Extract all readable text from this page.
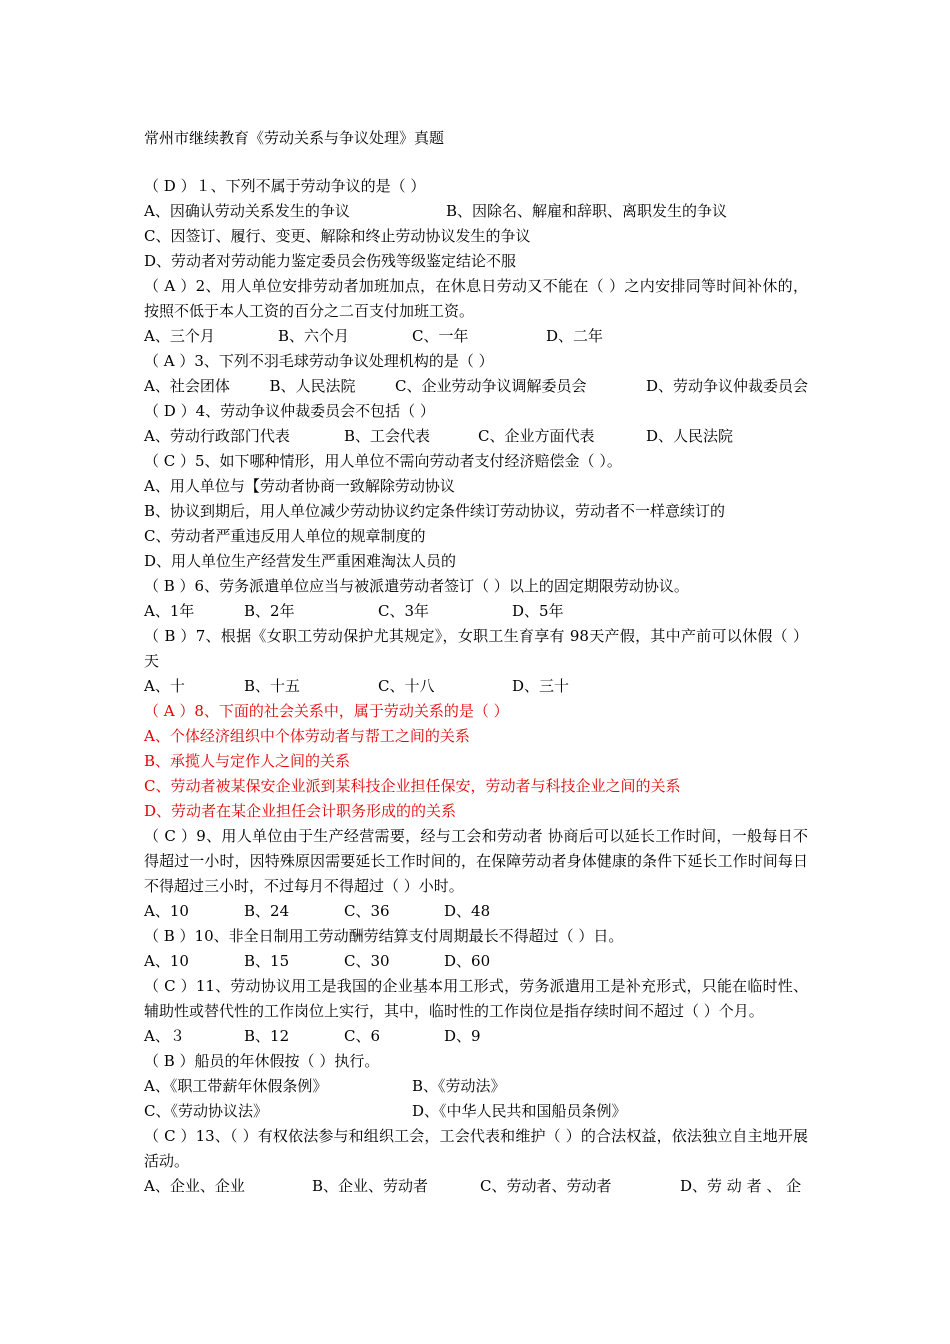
常州市继续教育《劳动关系与争议处理》真题
（ D ）１、下列不属于劳动争议的是（ ）
A、因确认劳动关系发生的争议	B、因除名、解雇和辞职、离职发生的争议
C、因签订、履行、变更、解除和终止劳动协议发生的争议
D、劳动者对劳动能力鉴定委员会伤残等级鉴定结论不服
（ A ）2、用人单位安排劳动者加班加点，在休息日劳动又不能在（ ）之内安排同等时间补休的，按照不低于本人工资的百分之二百支付加班工资。
A、三个月	B、六个月	C、一年	D、二年
（ A ）3、下列不羽毛球劳动争议处理机构的是（ ）
A、社会团体	B、人民法院	C、企业劳动争议调解委员会	D、劳动争议仲裁委员会
（ D ）4、劳动争议仲裁委员会不包括（ ）
A、劳动行政部门代表	B、工会代表	C、企业方面代表	D、人民法院
（ C ）5、如下哪种情形，用人单位不需向劳动者支付经济赔偿金（ ）。
A、用人单位与【劳动者协商一致解除劳动协议
B、协议到期后，用人单位减少劳动协议约定条件续订劳动协议，劳动者不一样意续订的
C、劳动者严重违反用人单位的规章制度的
D、用人单位生产经营发生严重困难淘汰人员的
（ B ）6、劳务派遣单位应当与被派遣劳动者签订（ ）以上的固定期限劳动协议。
A、1年	B、2年	C、3年	D、5年
（ B ）7、根据《女职工劳动保护尤其规定》，女职工生育享有 98天产假，其中产前可以休假（ ）天
A、十	B、十五	C、十八	D、三十
（ A ）8、下面的社会关系中，属于劳动关系的是（ ）
A、个体经济组织中个体劳动者与帮工之间的关系
B、承揽人与定作人之间的关系
C、劳动者被某保安企业派到某科技企业担任保安，劳动者与科技企业之间的关系
D、劳动者在某企业担任会计职务形成的的关系
（ C ）9、用人单位由于生产经营需要，经与工会和劳动者 协商后可以延长工作时间，一般每日不得超过一小时，因特殊原因需要延长工作时间的，在保障劳动者身体健康的条件下延长工作时间每日不得超过三小时，不过每月不得超过（ ）小时。
A、10	B、24	C、36	D、48
（ B ）10、非全日制用工劳动酬劳结算支付周期最长不得超过（ ）日。
A、10	B、15	C、30	D、60
（ C ）11、劳动协议用工是我国的企业基本用工形式，劳务派遣用工是补充形式，只能在临时性、辅助性或替代性的工作岗位上实行，其中，临时性的工作岗位是指存续时间不超过（ ）个月。
A、３	B、12	C、6	D、9
（ B ）船员的年休假按（ ）执行。
A、《职工带薪年休假条例》	B、《劳动法》
C、《劳动协议法》	D、《中华人民共和国船员条例》
（ C ）13、（ ）有权依法参与和组织工会，工会代表和维护（ ）的合法权益，依法独立自主地开展活动。
A、企业、企业	B、企业、劳动者	C、劳动者、劳动者	D、劳 动 者 、 企
